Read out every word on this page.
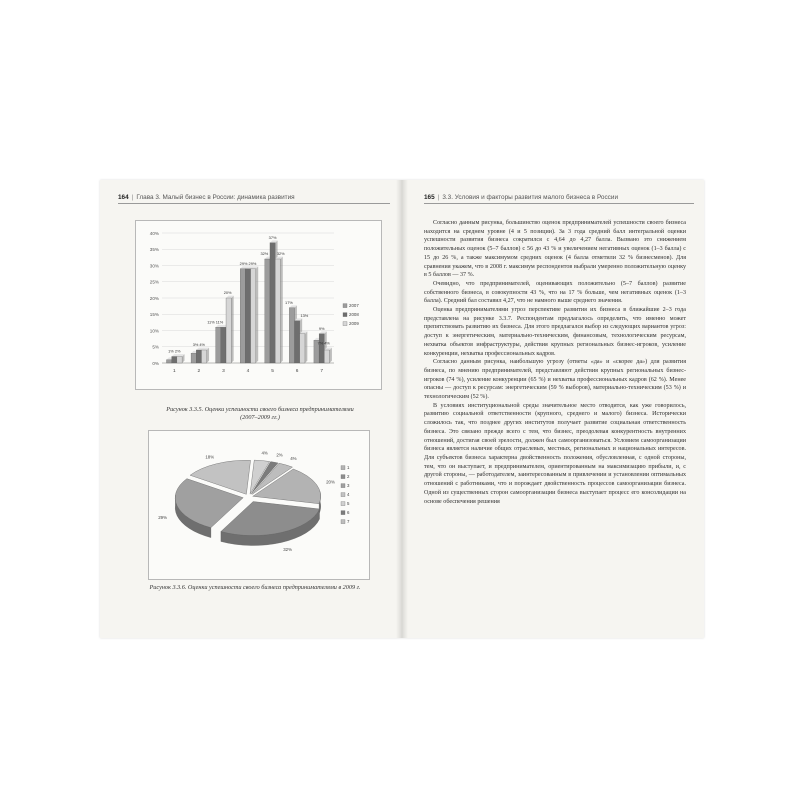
164 | Глава 3. Малый бизнес в России: динамика развития
0%
5%
10%
15%
20%
25%
30%
35%
40%
1	2	3	4	5	6	7
1% 2%
3% 4%
11% 11%
20%
29% 29%
32%
37%
32%
17%
13%
9%
7% 4%
2007
2008
2009
Рисунок 3.3.5. Оценки успешности своего бизнеса предпринимателями
(2007–2009 гг.)
20%
32%
29%
18%
4% 2%
4%
1
2
3
4
5
6
7
Рисунок 3.3.6. Оценки успешности своего бизнеса предпринимателями в 2009 г.
165 | 3.3. Условия и факторы развития малого бизнеса в России

Согласно данным рисунка, большинство оценок предпринимателей успешности своего бизнеса находится на среднем уровне (4 и 5 позиции). За 3 года средний балл интегральной оценки успешности развития бизнеса сократился с 4,64 до 4,27 балла. Вызвано это снижением положительных оценок (5–7 баллов) с 56 до 43 % и увеличением негативных оценок (1–3 балла) с 15 до 26 %, а также максимумом средних оценок (4 балла отметили 32 % бизнесменов). Для сравнения укажем, что в 2008 г. максимум респондентов выбрали умеренно положительную оценку в 5 баллов — 37 %.

Очевидно, что предпринимателей, оценивающих положительно (5–7 баллов) развитие собственного бизнеса, в совокупности 43 %, что на 17 % больше, чем негативных оценок (1–3 балла). Средний бал составил 4,27, что не намного выше среднего значения.

Оценка предпринимателями угроз перспективе развития их бизнеса в ближайшие 2–3 года представлена на рисунке 3.3.7. Респондентам предлагалось определить, что именно может препятствовать развитию их бизнеса. Для этого предлагался выбор из следующих вариантов угроз: доступ к энергетическим, материально-техническим, финансовым, технологическим ресурсам, нехватка объектов инфраструктуры, действия крупных региональных бизнес-игроков, усиление конкуренции, нехватка профессиональных кадров.

Согласно данным рисунка, наибольшую угрозу (ответы «да» и «скорее да») для развития бизнеса, по мнению предпринимателей, представляют действия крупных региональных бизнес-игроков (74 %), усиление конкуренции (65 %) и нехватка профессиональных кадров (62 %). Менее опасны — доступ к ресурсам: энергетическим (59 % выборов), материально-техническим (53 %) и технологическим (52 %).

В условиях институциональной среды значительное место отводится, как уже говорилось, развитию социальной ответственности (крупного, среднего и малого) бизнеса. Исторически сложилось так, что позднее других институтов получает развитие социальная ответственность бизнеса. Это связано прежде всего с тем, что бизнес, преодолевая конкурентность внутренних отношений, достигая своей зрелости, должен был самоорганизоваться. Условием самоорганизации бизнеса является наличие общих отраслевых, местных, региональных и национальных интересов. Для субъектов бизнеса характерна двойственность положения, обусловленная, с одной стороны, тем, что он выступает, и предпринимателем, ориентированным на максимизацию прибыли, и, с другой стороны, — работодателем, заинтересованным в привлечении и установлении оптимальных отношений с работниками, что и порождает двойственность процессов самоорганизации бизнеса. Одной из существенных сторон самоорганизации бизнеса выступает процесс его консолидации на основе обеспечения решения
